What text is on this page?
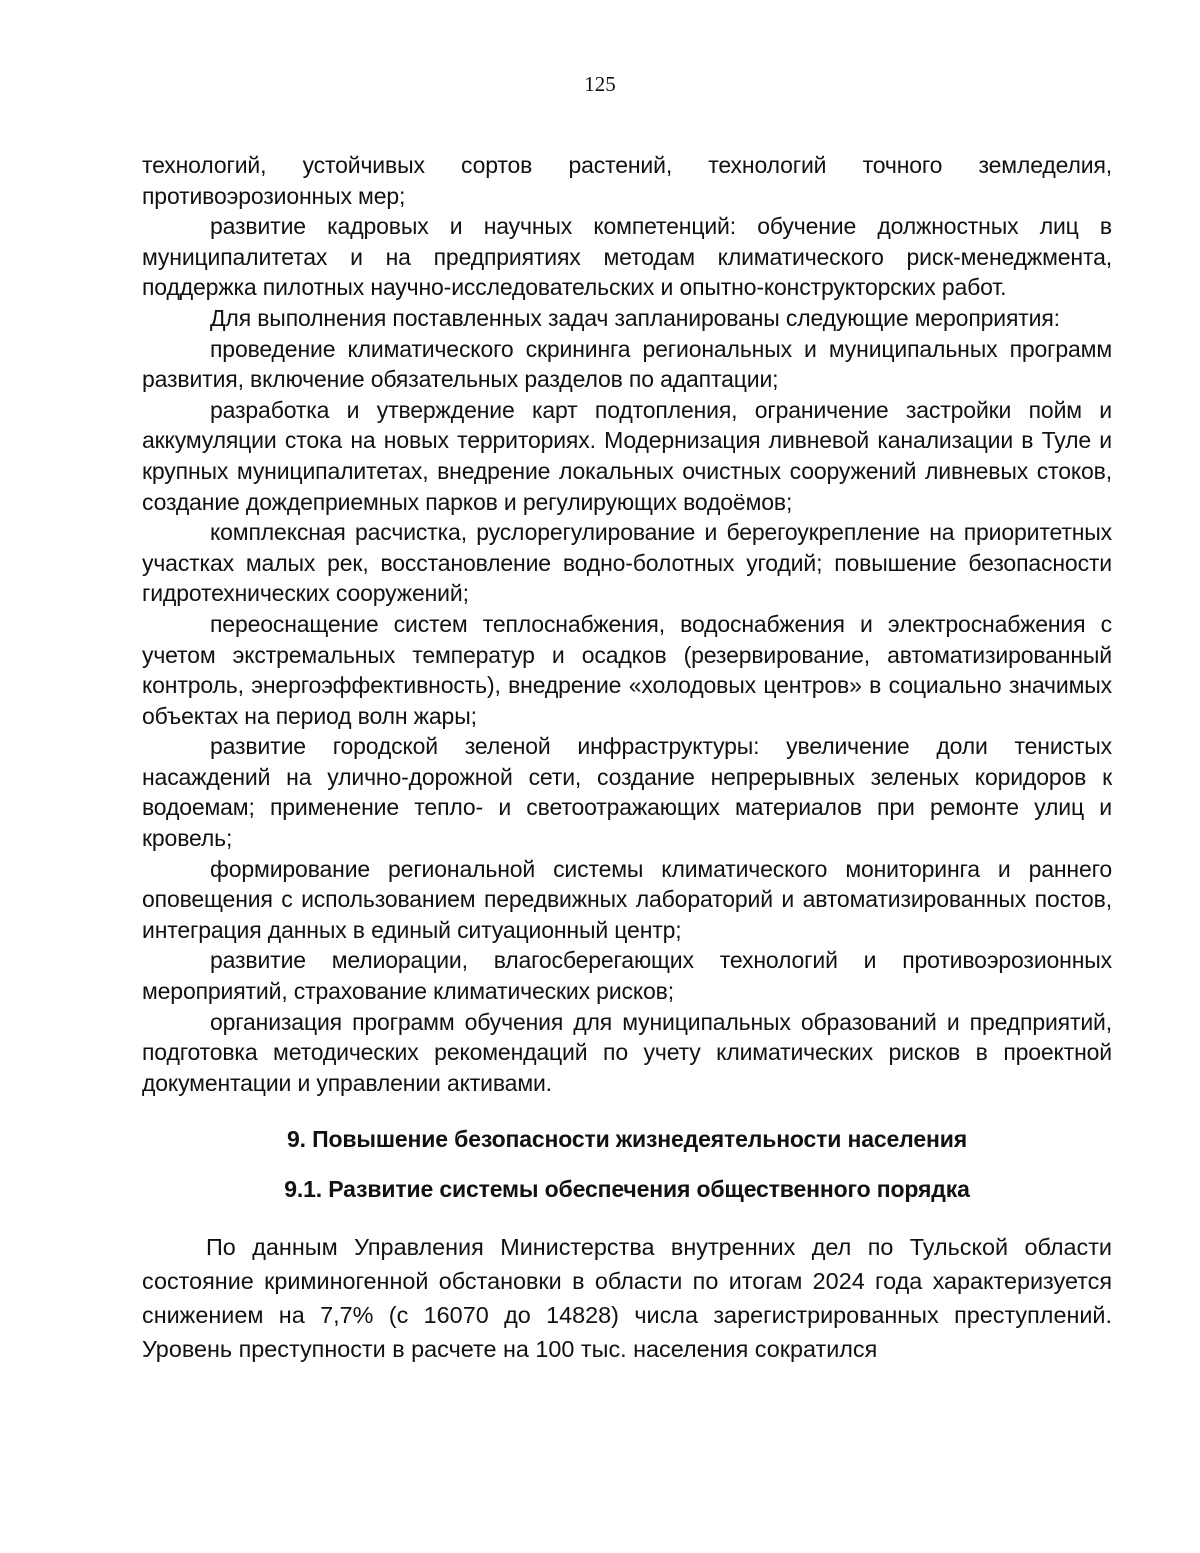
125

технологий, устойчивых сортов растений, технологий точного земледелия, противоэрозионных мер;

развитие кадровых и научных компетенций: обучение должностных лиц в муниципалитетах и на предприятиях методам климатического риск-менеджмента, поддержка пилотных научно-исследовательских и опытно-конструкторских работ.

Для выполнения поставленных задач запланированы следующие мероприятия:

проведение климатического скрининга региональных и муниципальных программ развития, включение обязательных разделов по адаптации;

разработка и утверждение карт подтопления, ограничение застройки пойм и аккумуляции стока на новых территориях. Модернизация ливневой канализации в Туле и крупных муниципалитетах, внедрение локальных очистных сооружений ливневых стоков, создание дождеприемных парков и регулирующих водоёмов;

комплексная расчистка, руслорегулирование и берегоукрепление на приоритетных участках малых рек, восстановление водно-болотных угодий; повышение безопасности гидротехнических сооружений;

переоснащение систем теплоснабжения, водоснабжения и электроснабжения с учетом экстремальных температур и осадков (резервирование, автоматизированный контроль, энергоэффективность), внедрение «холодовых центров» в социально значимых объектах на период волн жары;

развитие городской зеленой инфраструктуры: увеличение доли тенистых насаждений на улично-дорожной сети, создание непрерывных зеленых коридоров к водоемам; применение тепло- и светоотражающих материалов при ремонте улиц и кровель;

формирование региональной системы климатического мониторинга и раннего оповещения с использованием передвижных лабораторий и автоматизированных постов, интеграция данных в единый ситуационный центр;

развитие мелиорации, влагосберегающих технологий и противоэрозионных мероприятий, страхование климатических рисков;

организация программ обучения для муниципальных образований и предприятий, подготовка методических рекомендаций по учету климатических рисков в проектной документации и управлении активами.

9. Повышение безопасности жизнедеятельности населения
9.1. Развитие системы обеспечения общественного порядка

По данным Управления Министерства внутренних дел по Тульской области состояние криминогенной обстановки в области по итогам 2024 года характеризуется снижением на 7,7% (с 16070 до 14828) числа зарегистрированных преступлений. Уровень преступности в расчете на 100 тыс. населения сократился
